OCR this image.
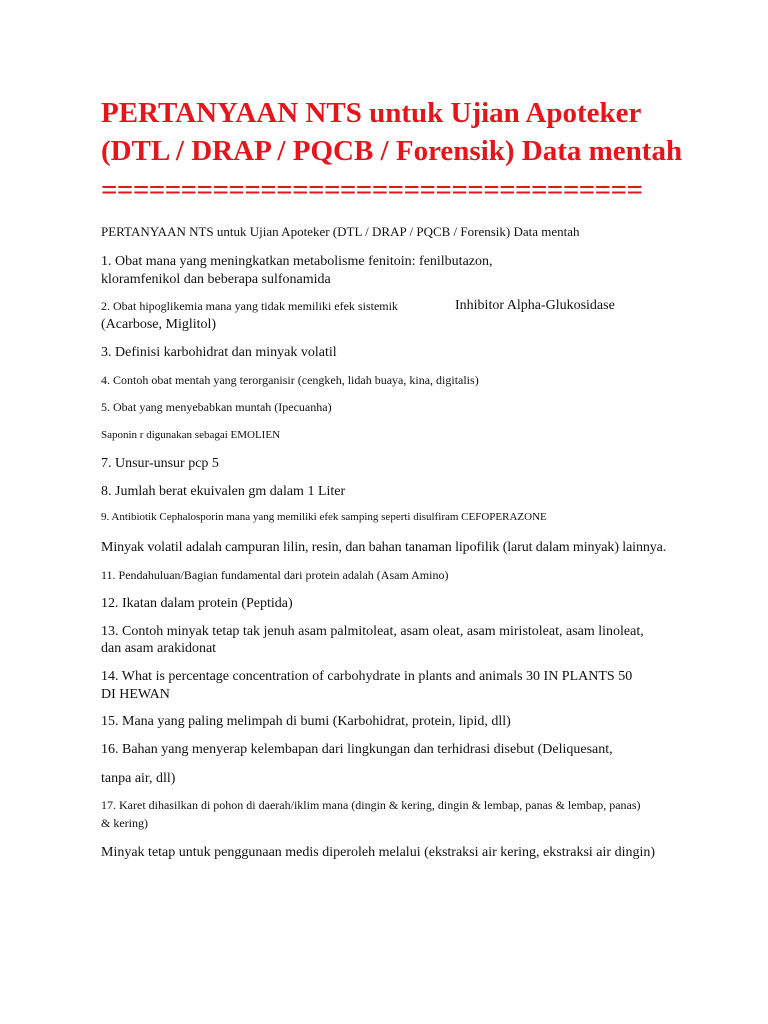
PERTANYAAN NTS untuk Ujian Apoteker
(DTL / DRAP / PQCB / Forensik) Data mentah
==================================

PERTANYAAN NTS untuk Ujian Apoteker (DTL / DRAP / PQCB / Forensik) Data mentah

1. Obat mana yang meningkatkan metabolisme fenitoin: fenilbutazon,

kloramfenikol dan beberapa sulfonamida

2. Obat hipoglikemia mana yang tidak memiliki efek sistemik	Inhibitor Alpha-Glukosidase

(Acarbose, Miglitol)

3. Definisi karbohidrat dan minyak volatil

4. Contoh obat mentah yang terorganisir (cengkeh, lidah buaya, kina, digitalis)

5. Obat yang menyebabkan muntah (Ipecuanha)

Saponin r digunakan sebagai EMOLIEN

7. Unsur-unsur pcp 5

8. Jumlah berat ekuivalen gm dalam 1 Liter

9. Antibiotik Cephalosporin mana yang memiliki efek samping seperti disulfiram CEFOPERAZONE

Minyak volatil adalah campuran lilin, resin, dan bahan tanaman lipofilik (larut dalam minyak) lainnya.

11. Pendahuluan/Bagian fundamental dari protein adalah (Asam Amino)

12. Ikatan dalam protein (Peptida)

13. Contoh minyak tetap tak jenuh asam palmitoleat, asam oleat, asam miristoleat, asam linoleat,

dan asam arakidonat

14. What is percentage concentration of carbohydrate in plants and animals 30 IN PLANTS 50

DI HEWAN

15. Mana yang paling melimpah di bumi (Karbohidrat, protein, lipid, dll)

16. Bahan yang menyerap kelembapan dari lingkungan dan terhidrasi disebut (Deliquesant,

tanpa air, dll)

17. Karet dihasilkan di pohon di daerah/iklim mana (dingin & kering, dingin & lembap, panas & lembap, panas)

& kering)

Minyak tetap untuk penggunaan medis diperoleh melalui (ekstraksi air kering, ekstraksi air dingin)
